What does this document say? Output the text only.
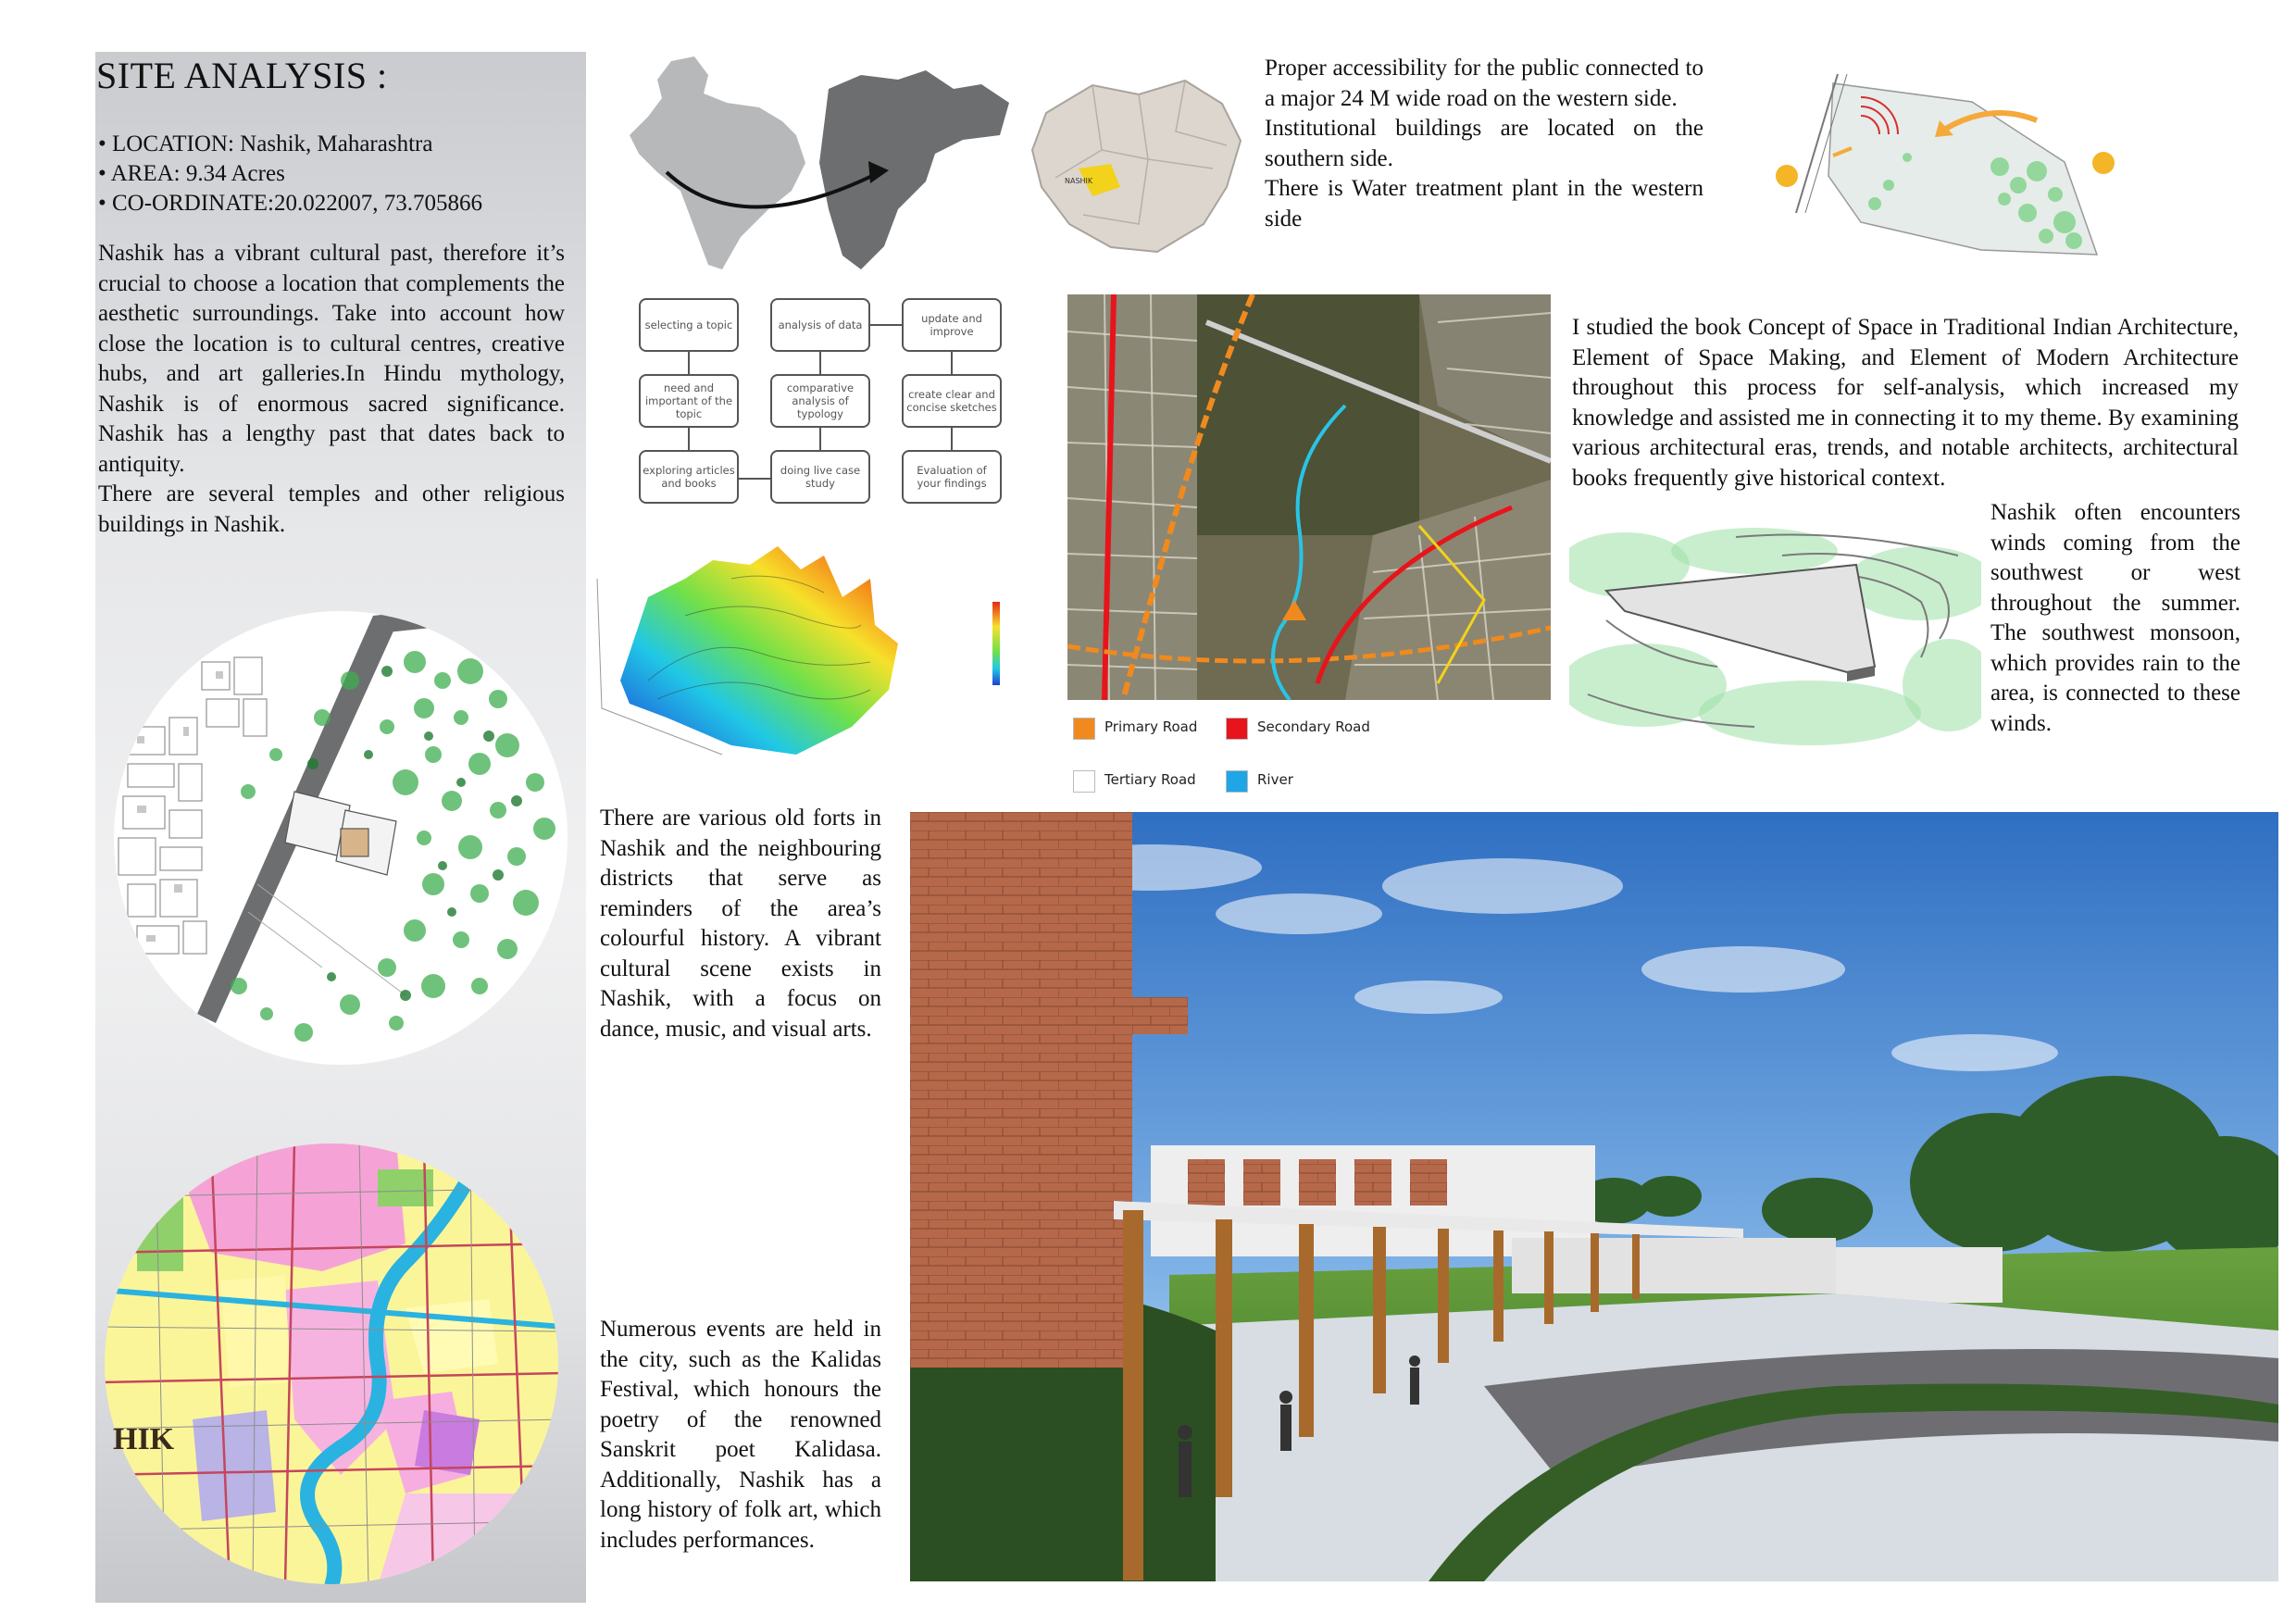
SITE ANALYSIS :
• LOCATION: Nashik, Maharashtra
• AREA: 9.34 Acres
• CO-ORDINATE:20.022007, 73.705866
Nashik has a vibrant cultural past, therefore it’s crucial to choose a location that complements the aesthetic surroundings. Take into account how close the location is to cultural centres, creative hubs, and art galleries.In Hindu mythology, Nashik is of enormous sacred significance. Nashik has a lengthy past that dates back to antiquity.
There are several temples and other religious buildings in Nashik.
HIK
NASHIK
Proper accessibility for the public connected to a major 24 M wide road on the western side.
Institutional buildings are located on the southern side.
There is Water treatment plant in the western side
selecting a topic	analysis of data	update and improve
need and important of the topic
comparative analysis of typology
create clear and concise sketches
exploring articles and books
doing live case study
Evaluation of your findings
Primary Road	Secondary Road
Tertiary Road	River
I studied the book Concept of Space in Traditional Indian Architecture, Element of Space Making, and Element of Modern Architecture throughout this process for self-analysis, which increased my knowledge and assisted me in connecting it to my theme. By examining various architectural eras, trends, and notable architects, architectural books frequently give historical context.
Nashik often encounters winds coming from the southwest or west throughout the summer. The southwest monsoon, which provides rain to the area, is connected to these winds.
There are various old forts in Nashik and the neighbouring districts that serve as reminders of the area’s colourful history. A vibrant cultural scene exists in Nashik, with a focus on dance, music, and visual arts.
Numerous events are held in the city, such as the Kalidas Festival, which honours the poetry of the renowned Sanskrit poet Kalidasa. Additionally, Nashik has a long history of folk art, which includes performances.
